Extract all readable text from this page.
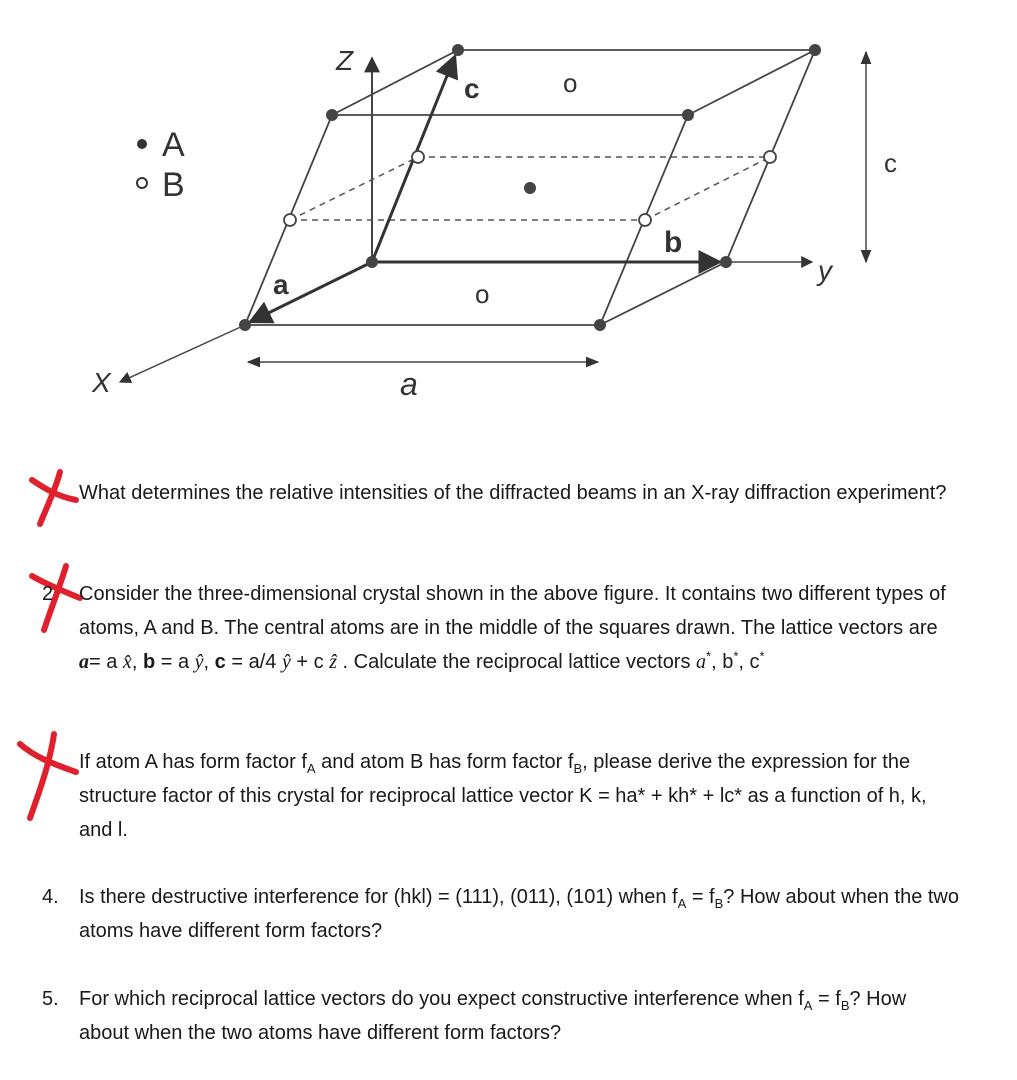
A
B
X
y
Z
a
b
c	o
o
a
c
What determines the relative intensities of the diffracted beams in an X-ray diffraction experiment?
2 Consider the three-dimensional crystal shown in the above figure. It contains two different types of atoms, A and B. The central atoms are in the middle of the squares drawn. The lattice vectors are a= a x̂, b = a ŷ, c = a/4 ŷ + c ẑ . Calculate the reciprocal lattice vectors a*, b*, c*
If atom A has form factor $f_A$ and atom B has form factor $f_B$, please derive the expression for the structure factor of this crystal for reciprocal lattice vector K = ha* + kh* + lc* as a function of h, k, and l.
4. Is there destructive interference for (hkl) = (111), (011), (101) when $f_A = f_B$? How about when the two atoms have different form factors?
5. For which reciprocal lattice vectors do you expect constructive interference when $f_A = f_B$? How about when the two atoms have different form factors?
